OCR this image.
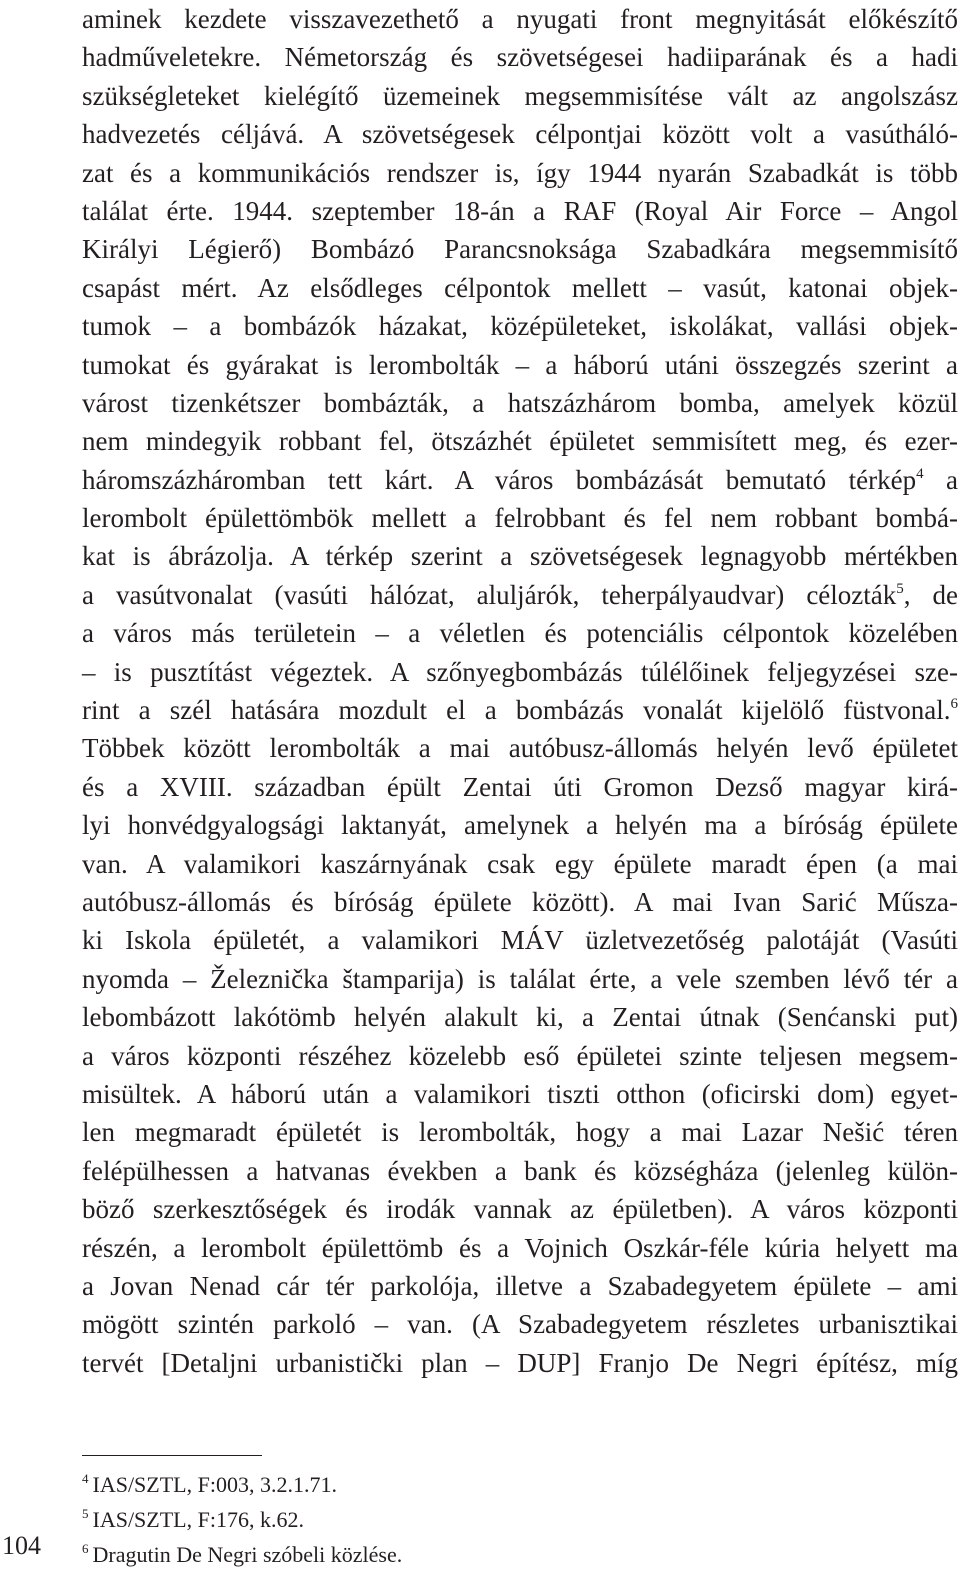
aminek kezdete visszavezethető a nyugati front megnyitását előkészítő
hadműveletekre. Németország és szövetségesei hadiiparának és a hadi
szükségleteket kielégítő üzemeinek megsemmisítése vált az angolszász
hadvezetés céljává. A szövetségesek célpontjai között volt a vasútháló-
zat és a kommunikációs rendszer is, így 1944 nyarán Szabadkát is több
találat érte. 1944. szeptember 18-án a RAF (Royal Air Force – Angol
Királyi Légierő) Bombázó Parancsnoksága Szabadkára megsemmisítő
csapást mért. Az elsődleges célpontok mellett – vasút, katonai objek-
tumok – a bombázók házakat, középületeket, iskolákat, vallási objek-
tumokat és gyárakat is lerombolták – a háború utáni összegzés szerint a
várost tizenkétszer bombázták, a hatszázhárom bomba, amelyek közül
nem mindegyik robbant fel, ötszázhét épületet semmisített meg, és ezer-
háromszázháromban tett kárt. A város bombázását bemutató térkép$^4$ a
lerombolt épülettömbök mellett a felrobbant és fel nem robbant bombá-
kat is ábrázolja. A térkép szerint a szövetségesek legnagyobb mértékben
a vasútvonalat (vasúti hálózat, aluljárók, teherpályaudvar) célozták$^5$, de
a város más területein – a véletlen és potenciális célpontok közelében
– is pusztítást végeztek. A szőnyegbombázás túlélőinek feljegyzései sze-
rint a szél hatására mozdult el a bombázás vonalát kijelölő füstvonal.$^6$
Többek között lerombolták a mai autóbusz-állomás helyén levő épületet
és a XVIII. században épült Zentai úti Gromon Dezső magyar kirá-
lyi honvédgyalogsági laktanyát, amelynek a helyén ma a bíróság épülete
van. A valamikori kaszárnyának csak egy épülete maradt épen (a mai
autóbusz-állomás és bíróság épülete között). A mai Ivan Sarić Műsza-
ki Iskola épületét, a valamikori MÁV üzletvezetőség palotáját (Vasúti
nyomda – Železnička štamparija) is találat érte, a vele szemben lévő tér a
lebombázott lakótömb helyén alakult ki, a Zentai útnak (Senćanski put)
a város központi részéhez közelebb eső épületei szinte teljesen megsem-
misültek. A háború után a valamikori tiszti otthon (oficirski dom) egyet-
len megmaradt épületét is lerombolták, hogy a mai Lazar Nešić téren
felépülhessen a hatvanas években a bank és községháza (jelenleg külön-
böző szerkesztőségek és irodák vannak az épületben). A város központi
részén, a lerombolt épülettömb és a Vojnich Oszkár-féle kúria helyett ma
a Jovan Nenad cár tér parkolója, illetve a Szabadegyetem épülete – ami
mögött szintén parkoló – van. (A Szabadegyetem részletes urbanisztikai
tervét [Detaljni urbanistički plan – DUP] Franjo De Negri építész, míg
$^4$ IAS/SZTL, F:003, 3.2.1.71.
$^5$ IAS/SZTL, F:176, k.62.
$^6$ Dragutin De Negri szóbeli közlése.
104
